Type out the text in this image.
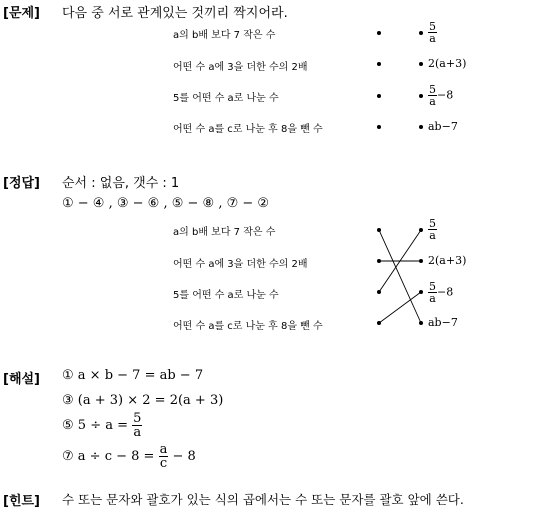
[문제] 다음 중 서로 관계있는 것끼리 짝지어라.
a의 b배 보다 7 작은 수
어떤 수 a에 3을 더한 수의 2배
5를 어떤 수 a로 나눈 수
어떤 수 a를 c로 나눈 후 8을 뺀 수
$\frac{5}{a}$
2(a+3)
$\frac{5}{a} -8$
ab−7
[정답] 순서 : 없음, 갯수 : 1
① − ④ , ③ − ⑥ , ⑤ − ⑧ , ⑦ − ②
a의 b배 보다 7 작은 수
어떤 수 a에 3을 더한 수의 2배
5를 어떤 수 a로 나눈 수
어떤 수 a를 c로 나눈 후 8을 뺀 수
$\frac{5}{a}$
2(a+3)
$\frac{5}{a} -8$
ab−7
[해설] ① a × b − 7 = ab − 7
③ (a + 3) × 2 = 2(a + 3)
⑤ $5 \div a = \frac{5}{a}$
⑦ $a \div c - 8 = \frac{a}{c} - 8$
[힌트] 수 또는 문자와 괄호가 있는 식의 곱에서는 수 또는 문자를 괄호 앞에 쓴다.
